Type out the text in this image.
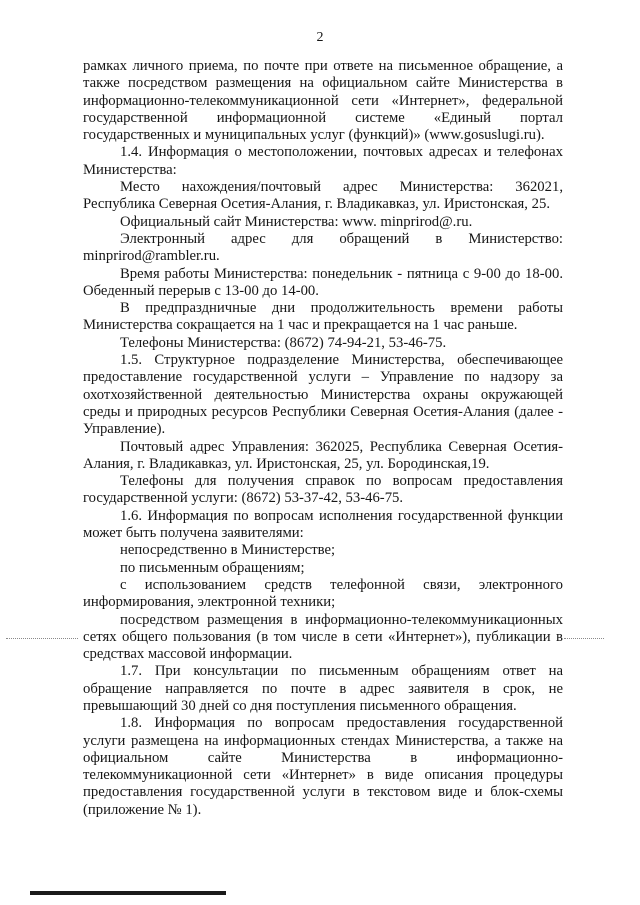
2

рамках личного приема, по почте при ответе на письменное обращение, а также посредством размещения на официальном сайте Министерства в информационно-телекоммуникационной сети «Интернет», федеральной государственной информационной системе «Единый портал государственных и муниципальных услуг (функций)» (www.gosuslugi.ru).

1.4. Информация о местоположении, почтовых адресах и телефонах Министерства:

Место нахождения/почтовый адрес Министерства: 362021, Республика Северная Осетия-Алания, г. Владикавказ, ул. Иристонская, 25.

Официальный сайт Министерства: www. minprirod@.ru.

Электронный адрес для обращений в Министерство: minprirod@rambler.ru.

Время работы Министерства: понедельник - пятница с 9-00 до 18-00. Обеденный перерыв с 13-00 до 14-00.

В предпраздничные дни продолжительность времени работы Министерства сокращается на 1 час и прекращается на 1 час раньше.

Телефоны Министерства: (8672) 74-94-21, 53-46-75.

1.5. Структурное подразделение Министерства, обеспечивающее предоставление государственной услуги – Управление по надзору за охотхозяйственной деятельностью Министерства охраны окружающей среды и природных ресурсов Республики Северная Осетия-Алания (далее - Управление).

Почтовый адрес Управления: 362025, Республика Северная Осетия-Алания, г. Владикавказ, ул. Иристонская, 25, ул. Бородинская,19.

Телефоны для получения справок по вопросам предоставления государственной услуги: (8672) 53-37-42, 53-46-75.

1.6. Информация по вопросам исполнения государственной функции может быть получена заявителями:

непосредственно в Министерстве;

по письменным обращениям;

с использованием средств телефонной связи, электронного информирования, электронной техники;

посредством размещения в информационно-телекоммуникационных сетях общего пользования (в том числе в сети «Интернет»), публикации в средствах массовой информации.

1.7. При консультации по письменным обращениям ответ на обращение направляется по почте в адрес заявителя в срок, не превышающий 30 дней со дня поступления письменного обращения.

1.8. Информация по вопросам предоставления государственной услуги размещена на информационных стендах Министерства, а также на официальном сайте Министерства в информационно-телекоммуникационной сети «Интернет» в виде описания процедуры предоставления государственной услуги в текстовом виде и блок-схемы (приложение № 1).
